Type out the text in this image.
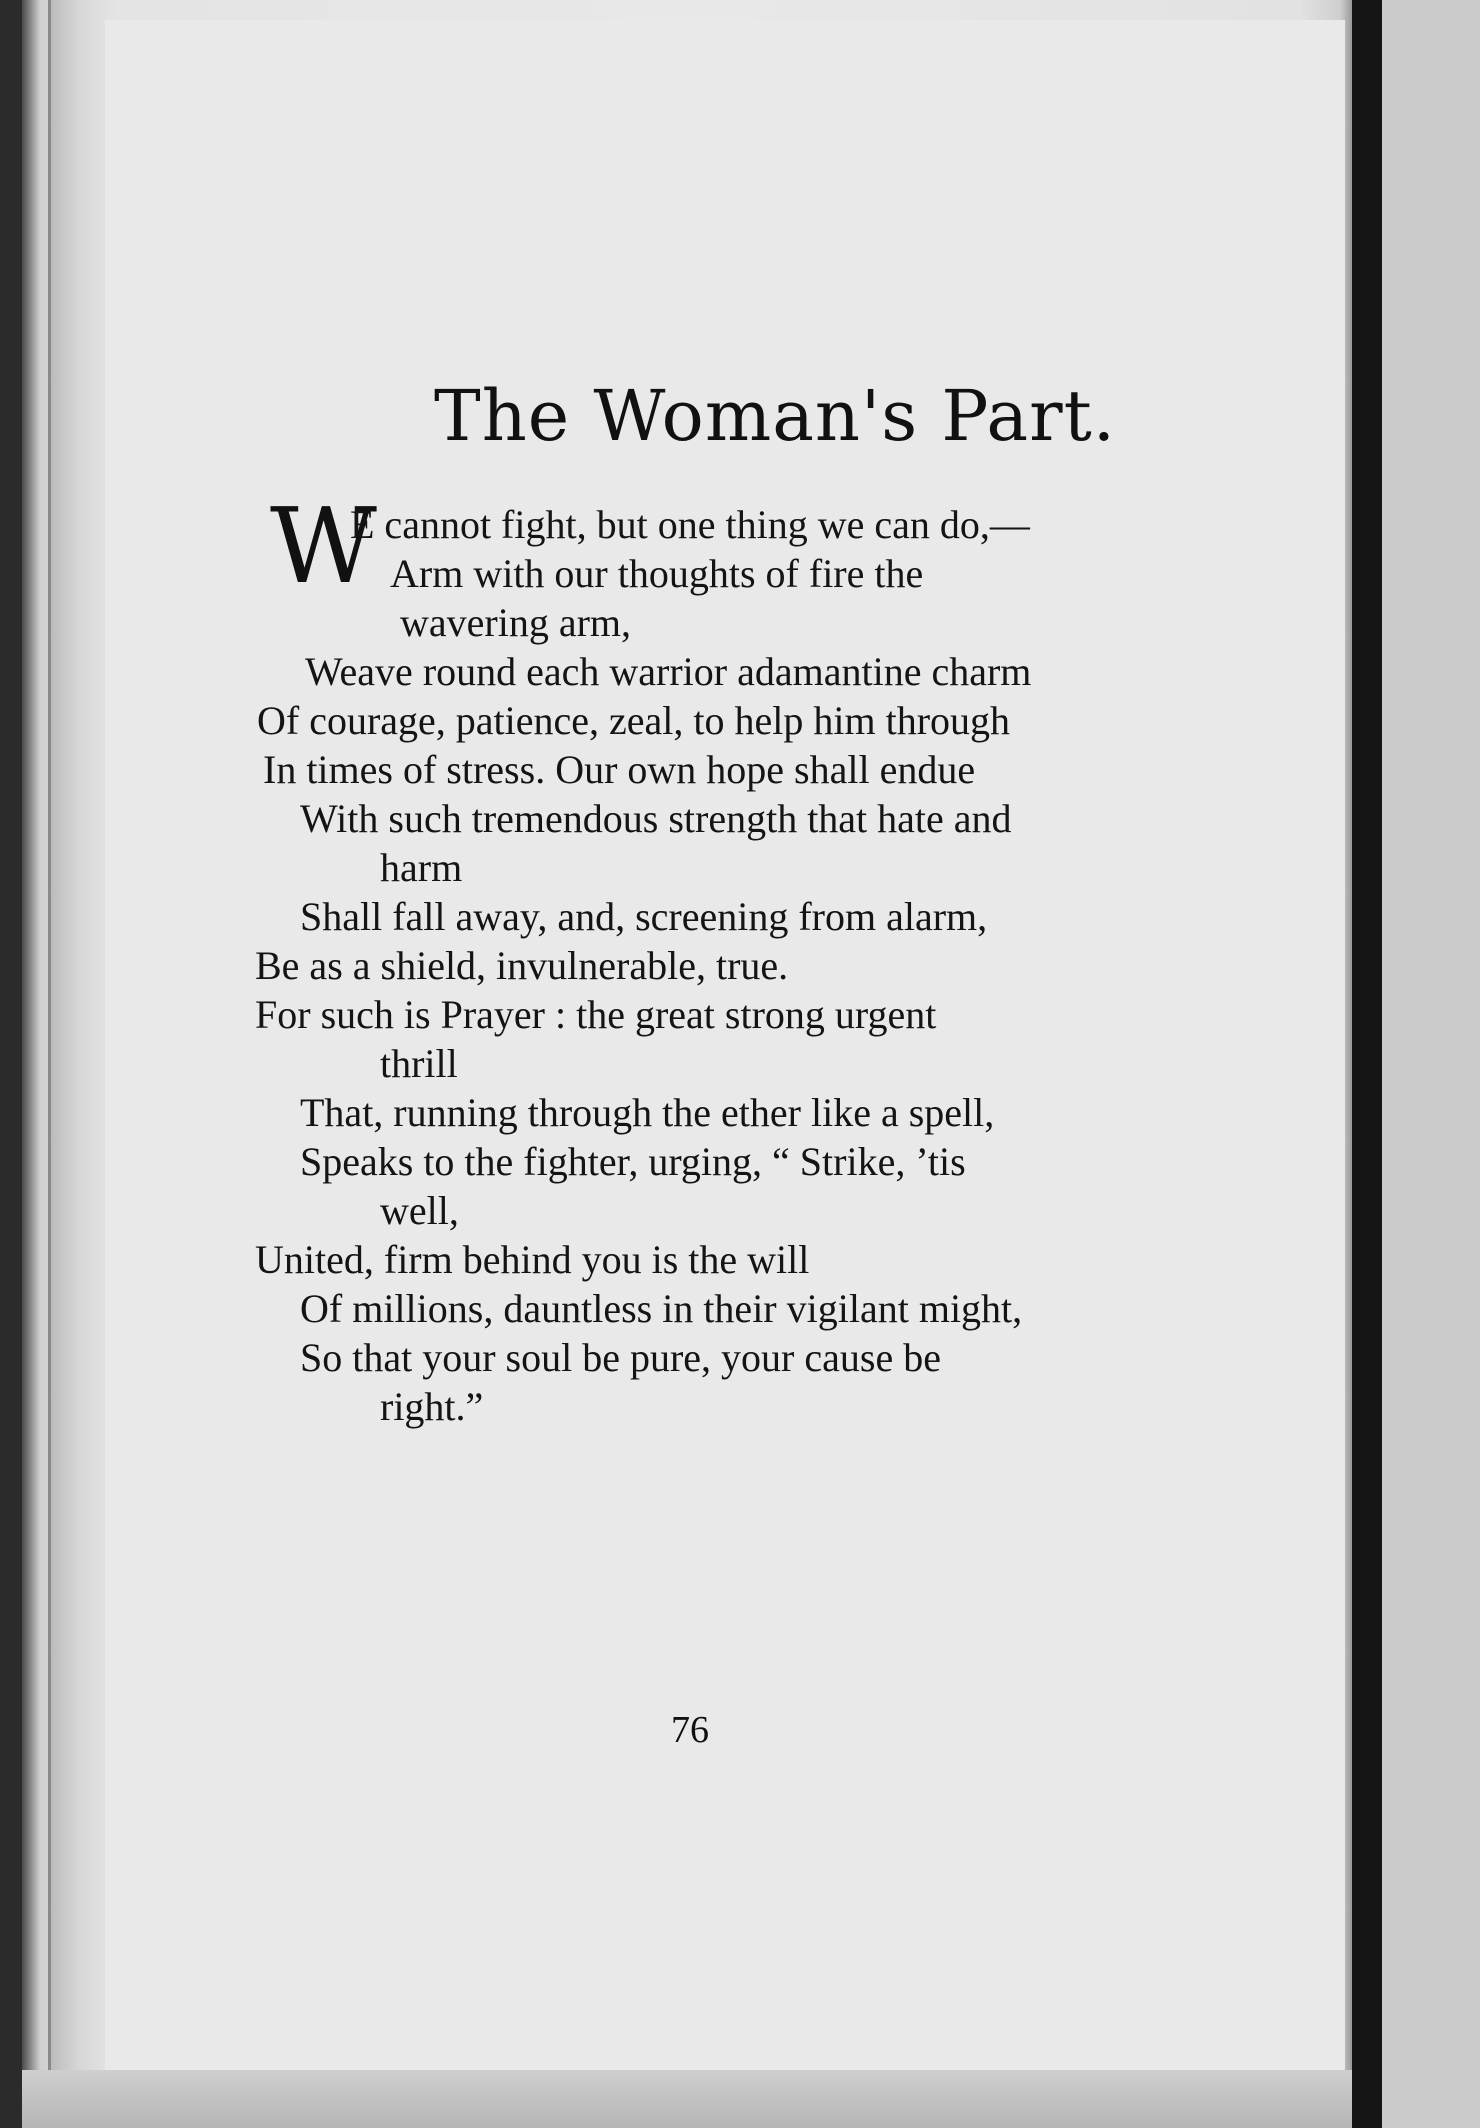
The Woman's Part.
W
E cannot fight, but one thing we can do,—
Arm with our thoughts of fire the
wavering arm,
Weave round each warrior adamantine charm
Of courage, patience, zeal, to help him through
In times of stress. Our own hope shall endue
With such tremendous strength that hate and
harm
Shall fall away, and, screening from alarm,
Be as a shield, invulnerable, true.
For such is Prayer : the great strong urgent
thrill
That, running through the ether like a spell,
Speaks to the fighter, urging, “ Strike, ’tis
well,
United, firm behind you is the will
Of millions, dauntless in their vigilant might,
So that your soul be pure, your cause be
right.”
76
